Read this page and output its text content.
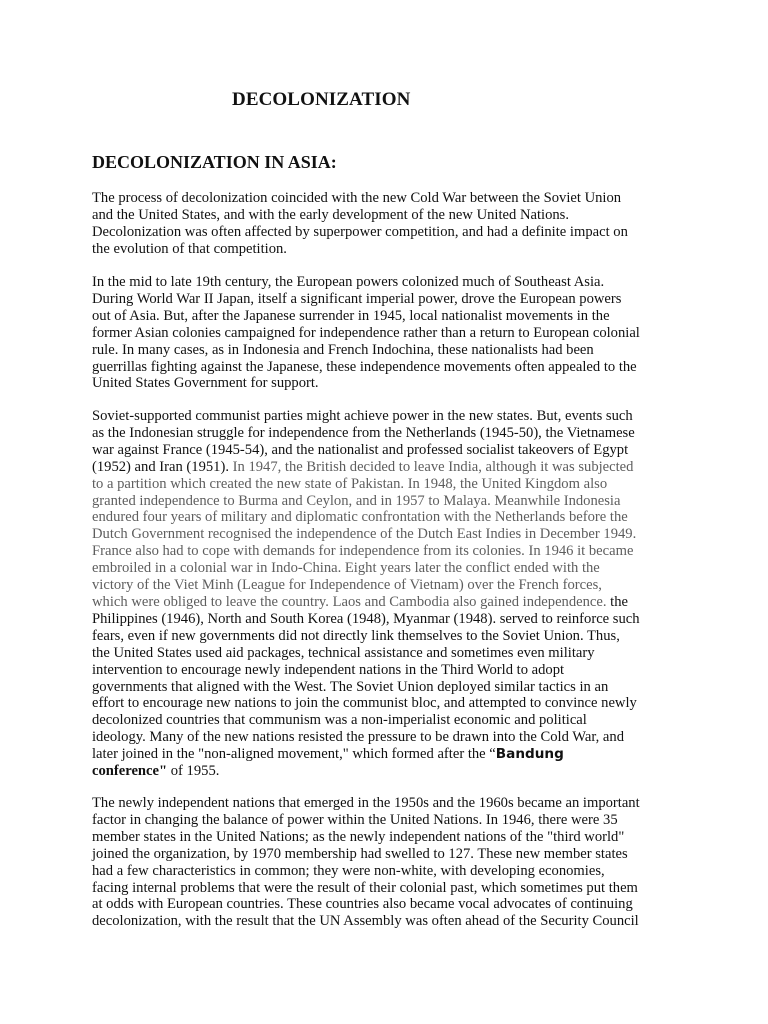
DECOLONIZATION
DECOLONIZATION IN ASIA:

The process of decolonization coincided with the new Cold War between the Soviet Union
and the United States, and with the early development of the new United Nations.
Decolonization was often affected by superpower competition, and had a definite impact on
the evolution of that competition.

In the mid to late 19th century, the European powers colonized much of Southeast Asia.
During World War II Japan, itself a significant imperial power, drove the European powers
out of Asia. But, after the Japanese surrender in 1945, local nationalist movements in the
former Asian colonies campaigned for independence rather than a return to European colonial
rule. In many cases, as in Indonesia and French Indochina, these nationalists had been
guerrillas fighting against the Japanese, these independence movements often appealed to the
United States Government for support.

Soviet-supported communist parties might achieve power in the new states. But, events such
as the Indonesian struggle for independence from the Netherlands (1945-50), the Vietnamese
war against France (1945-54), and the nationalist and professed socialist takeovers of Egypt
(1952) and Iran (1951). In 1947, the British decided to leave India, although it was subjected
to a partition which created the new state of Pakistan. In 1948, the United Kingdom also
granted independence to Burma and Ceylon, and in 1957 to Malaya. Meanwhile Indonesia
endured four years of military and diplomatic confrontation with the Netherlands before the
Dutch Government recognised the independence of the Dutch East Indies in December 1949.
France also had to cope with demands for independence from its colonies. In 1946 it became
embroiled in a colonial war in Indo-China. Eight years later the conflict ended with the
victory of the Viet Minh (League for Independence of Vietnam) over the French forces,
which were obliged to leave the country. Laos and Cambodia also gained independence. the
Philippines (1946), North and South Korea (1948), Myanmar (1948). served to reinforce such
fears, even if new governments did not directly link themselves to the Soviet Union. Thus,
the United States used aid packages, technical assistance and sometimes even military
intervention to encourage newly independent nations in the Third World to adopt
governments that aligned with the West. The Soviet Union deployed similar tactics in an
effort to encourage new nations to join the communist bloc, and attempted to convince newly
decolonized countries that communism was a non-imperialist economic and political
ideology. Many of the new nations resisted the pressure to be drawn into the Cold War, and
later joined in the "non-aligned movement," which formed after the “Bandung
conference" of 1955.

The newly independent nations that emerged in the 1950s and the 1960s became an important
factor in changing the balance of power within the United Nations. In 1946, there were 35
member states in the United Nations; as the newly independent nations of the "third world"
joined the organization, by 1970 membership had swelled to 127. These new member states
had a few characteristics in common; they were non-white, with developing economies,
facing internal problems that were the result of their colonial past, which sometimes put them
at odds with European countries. These countries also became vocal advocates of continuing
decolonization, with the result that the UN Assembly was often ahead of the Security Council
